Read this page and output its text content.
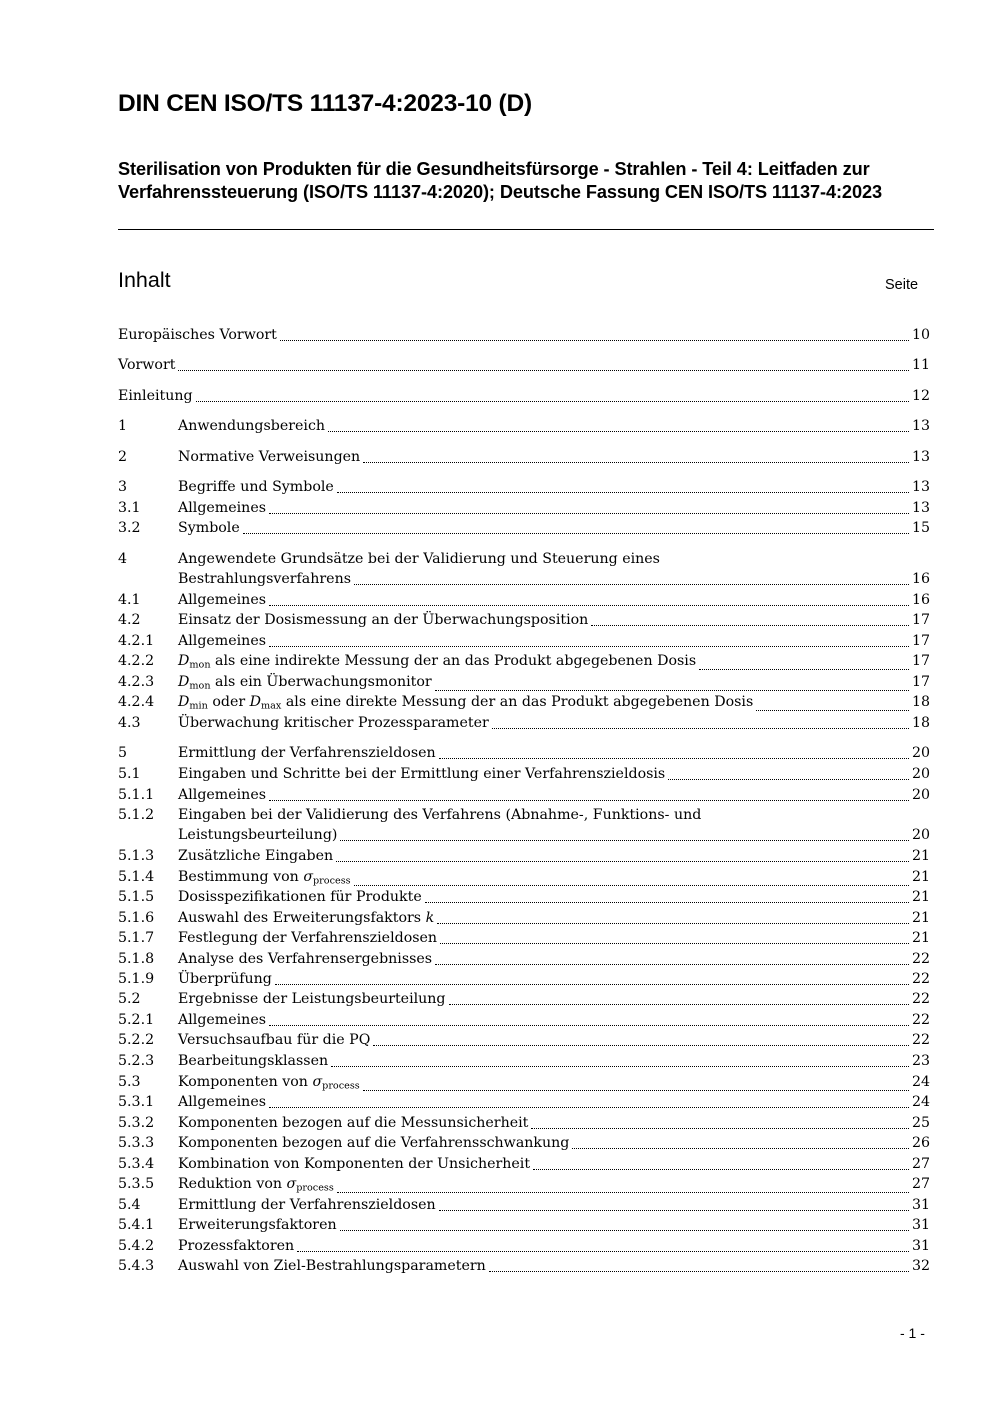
DIN CEN ISO/TS 11137-4:2023-10 (D)

Sterilisation von Produkten für die Gesundheitsfürsorge - Strahlen - Teil 4: Leitfaden zur Verfahrenssteuerung (ISO/TS 11137-4:2020); Deutsche Fassung CEN ISO/TS 11137-4:2023

Inhalt	Seite
Europäisches Vorwort	10
Vorwort	11
Einleitung	12
1	Anwendungsbereich	13
2	Normative Verweisungen	13
3	Begriffe und Symbole	13
3.1	Allgemeines	13
3.2	Symbole	15
4	Angewendete Grundsätze bei der Validierung und Steuerung eines
Bestrahlungsverfahrens	16
4.1	Allgemeines	16
4.2	Einsatz der Dosismessung an der Überwachungsposition	17
4.2.1 Allgemeines	17
4.2.2 $D_{mon}$ als eine indirekte Messung der an das Produkt abgegebenen Dosis	17
4.2.3 $D_{mon}$ als ein Überwachungsmonitor	17
4.2.4 $D_{min}$ oder $D_{max}$ als eine direkte Messung der an das Produkt abgegebenen Dosis	18
4.3	Überwachung kritischer Prozessparameter	18
5	Ermittlung der Verfahrenszieldosen	20
5.1	Eingaben und Schritte bei der Ermittlung einer Verfahrenszieldosis	20
5.1.1 Allgemeines	20
5.1.2 Eingaben bei der Validierung des Verfahrens (Abnahme-, Funktions- und
Leistungsbeurteilung)	20
5.1.3 Zusätzliche Eingaben	21
5.1.4 Bestimmung von $\sigma_{process}$	21
5.1.5 Dosisspezifikationen für Produkte	21
5.1.6 Auswahl des Erweiterungsfaktors k	21
5.1.7 Festlegung der Verfahrenszieldosen	21
5.1.8 Analyse des Verfahrensergebnisses	22
5.1.9 Überprüfung	22
5.2	Ergebnisse der Leistungsbeurteilung	22
5.2.1 Allgemeines	22
5.2.2 Versuchsaufbau für die PQ	22
5.2.3 Bearbeitungsklassen	23
5.3	Komponenten von $\sigma_{process}$	24
5.3.1 Allgemeines	24
5.3.2 Komponenten bezogen auf die Messunsicherheit	25
5.3.3 Komponenten bezogen auf die Verfahrensschwankung	26
5.3.4 Kombination von Komponenten der Unsicherheit	27
5.3.5 Reduktion von $\sigma_{process}$	27
5.4	Ermittlung der Verfahrenszieldosen	31
5.4.1 Erweiterungsfaktoren	31
5.4.2 Prozessfaktoren	31
5.4.3 Auswahl von Ziel-Bestrahlungsparametern	32
- 1 -
